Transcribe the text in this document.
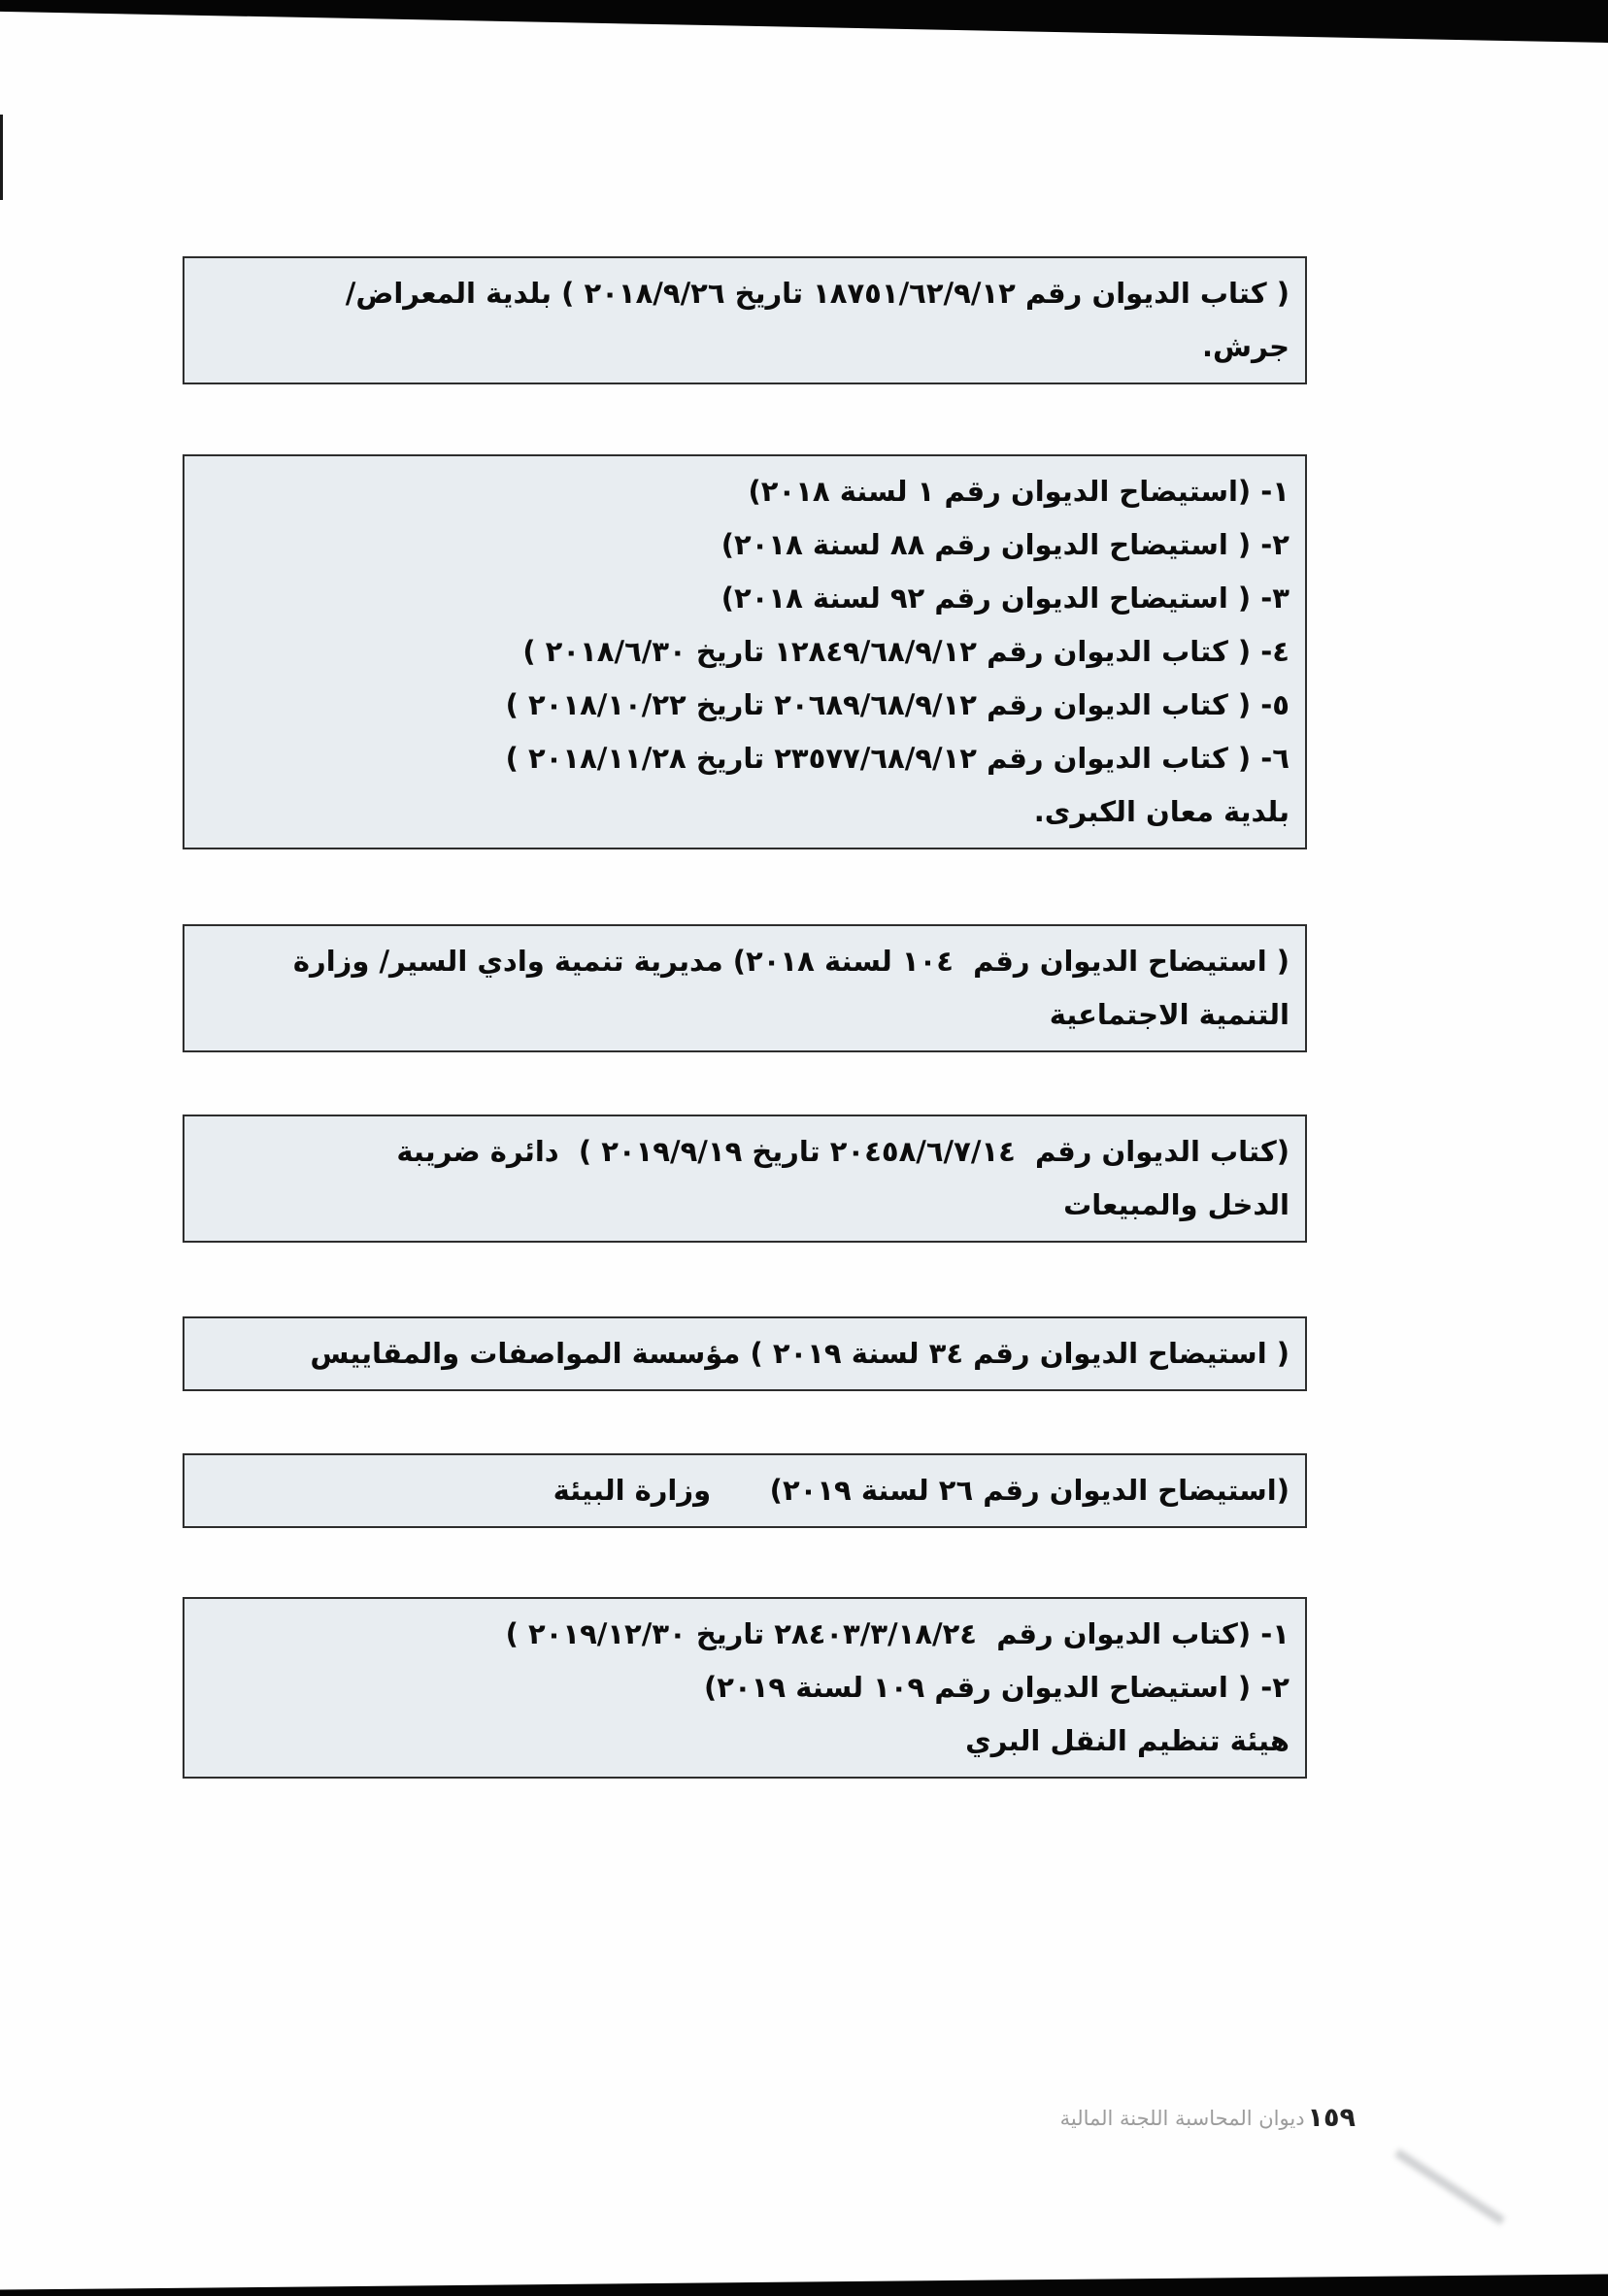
( كتاب الديوان رقم ١٨٧٥١/٦٢/٩/١٢ تاريخ ٢٠١٨/٩/٢٦ ) بلدية المعراض/
جرش.
١- (استيضاح الديوان رقم ١ لسنة ٢٠١٨)
٢- ( استيضاح الديوان رقم ٨٨ لسنة ٢٠١٨)
٣- ( استيضاح الديوان رقم ٩٢ لسنة ٢٠١٨)
٤- ( كتاب الديوان رقم ١٢٨٤٩/٦٨/٩/١٢ تاريخ ٢٠١٨/٦/٣٠ )
٥- ( كتاب الديوان رقم ٢٠٦٨٩/٦٨/٩/١٢ تاريخ ٢٠١٨/١٠/٢٢ )
٦- ( كتاب الديوان رقم ٢٣٥٧٧/٦٨/٩/١٢ تاريخ ٢٠١٨/١١/٢٨ )
بلدية معان الكبرى.
( استيضاح الديوان رقم  ١٠٤ لسنة ٢٠١٨) مديرية تنمية وادي السير/ وزارة
التنمية الاجتماعية
(كتاب الديوان رقم  ٢٠٤٥٨/٦/٧/١٤ تاريخ ٢٠١٩/٩/١٩ )  دائرة ضريبة
الدخل والمبيعات
( استيضاح الديوان رقم ٣٤ لسنة ٢٠١٩ ) مؤسسة المواصفات والمقاييس
(استيضاح الديوان رقم ٢٦ لسنة ٢٠١٩)      وزارة البيئة
١- (كتاب الديوان رقم  ٢٨٤٠٣/٣/١٨/٢٤ تاريخ ٢٠١٩/١٢/٣٠ )
٢- ( استيضاح الديوان رقم ١٠٩ لسنة ٢٠١٩)
هيئة تنظيم النقل البري
١٥٩
ديوان المحاسبة اللجنة المالية
